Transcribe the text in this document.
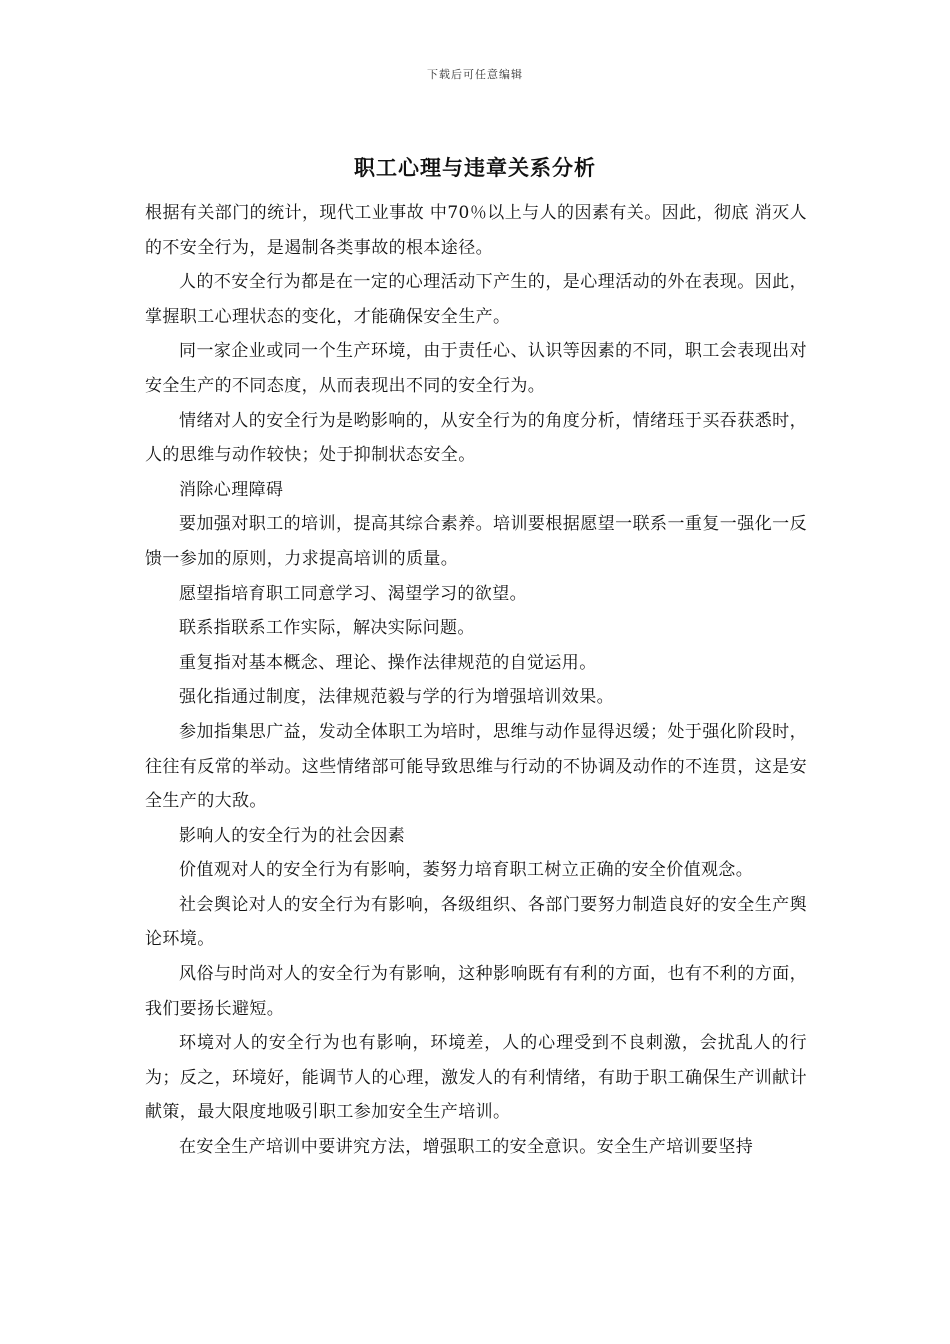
下载后可任意编辑
职工心理与违章关系分析

根据有关部门的统计，现代工业事故 中70％以上与人的因素有关。因此，彻底 消灭人的不安全行为，是遏制各类事故的根本途径。

人的不安全行为都是在一定的心理活动下产生的，是心理活动的外在表现。因此，掌握职工心理状态的变化，才能确保安全生产。

同一家企业或同一个生产环境，由于责任心、认识等因素的不同，职工会表现出对安全生产的不同态度，从而表现出不同的安全行为。

情绪对人的安全行为是哟影响的，从安全行为的角度分析，情绪珏于买吞获悉时，人的思维与动作较快；处于抑制状态安全。

消除心理障碍

要加强对职工的培训，提高其综合素养。培训要根据愿望一联系一重复一强化一反馈一参加的原则，力求提高培训的质量。

愿望指培育职工同意学习、渴望学习的欲望。

联系指联系工作实际，解决实际问题。

重复指对基本概念、理论、操作法律规范的自觉运用。

强化指通过制度，法律规范毅与学的行为增强培训效果。

参加指集思广益，发动全体职工为培时，思维与动作显得迟缓；处于强化阶段时，往往有反常的举动。这些情绪部可能导致思维与行动的不协调及动作的不连贯，这是安全生产的大敌。

影响人的安全行为的社会因素

价值观对人的安全行为有影响，萎努力培育职工树立正确的安全价值观念。

社会舆论对人的安全行为有影响，各级组织、各部门要努力制造良好的安全生产舆论环境。

风俗与时尚对人的安全行为有影响，这种影响既有有利的方面，也有不利的方面，我们要扬长避短。

环境对人的安全行为也有影响，环境差，人的心理受到不良刺激，会扰乱人的行为；反之，环境好，能调节人的心理，激发人的有利情绪，有助于职工确保生产训献计献策，最大限度地吸引职工参加安全生产培训。

在安全生产培训中要讲究方法，增强职工的安全意识。安全生产培训要坚持
